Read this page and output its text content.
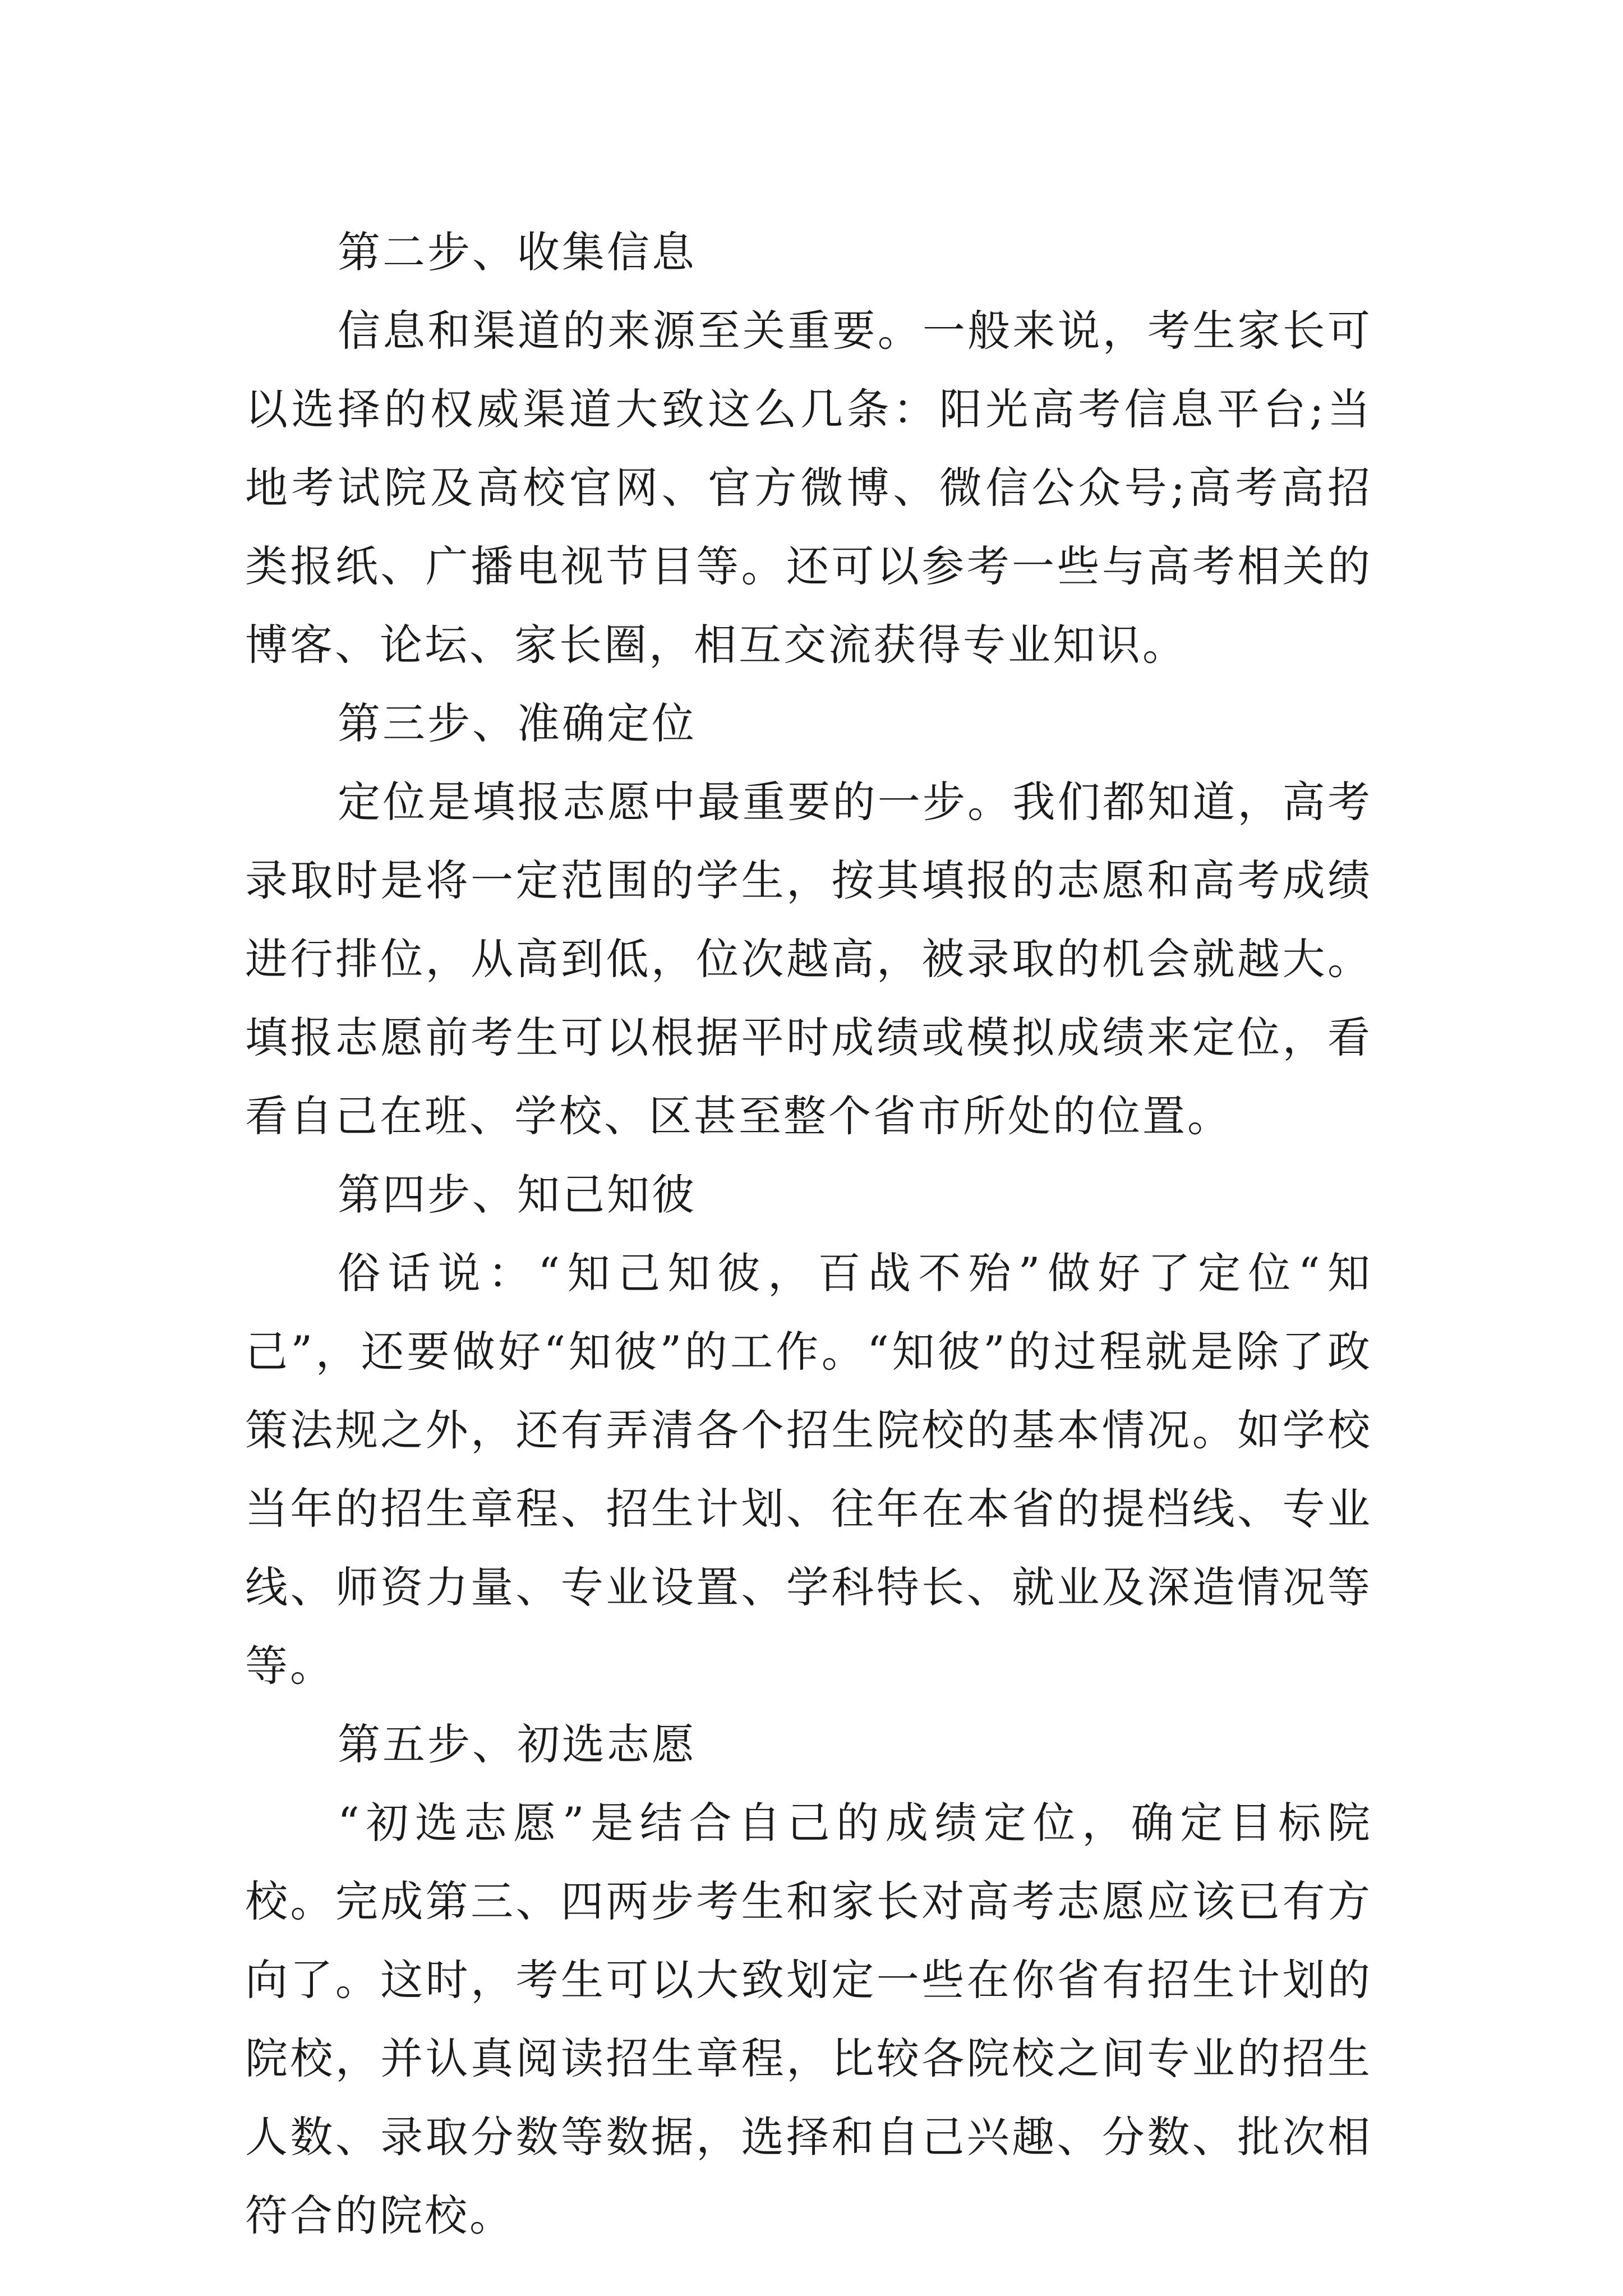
第二步、收集信息

信息和渠道的来源至关重要。一般来说，考生家长可以选择的权威渠道大致这么几条：阳光高考信息平台;当地考试院及高校官网、官方微博、微信公众号;高考高招类报纸、广播电视节目等。还可以参考一些与高考相关的博客、论坛、家长圈，相互交流获得专业知识。

第三步、准确定位

定位是填报志愿中最重要的一步。我们都知道，高考录取时是将一定范围的学生，按其填报的志愿和高考成绩进行排位，从高到低，位次越高，被录取的机会就越大。填报志愿前考生可以根据平时成绩或模拟成绩来定位，看看自己在班、学校、区甚至整个省市所处的位置。

第四步、知己知彼

俗话说：“知己知彼，百战不殆”做好了定位“知己”，还要做好“知彼”的工作。“知彼”的过程就是除了政策法规之外，还有弄清各个招生院校的基本情况。如学校当年的招生章程、招生计划、往年在本省的提档线、专业线、师资力量、专业设置、学科特长、就业及深造情况等等。

第五步、初选志愿

“初选志愿”是结合自己的成绩定位，确定目标院校。完成第三、四两步考生和家长对高考志愿应该已有方向了。这时，考生可以大致划定一些在你省有招生计划的院校，并认真阅读招生章程，比较各院校之间专业的招生人数、录取分数等数据，选择和自己兴趣、分数、批次相符合的院校。
